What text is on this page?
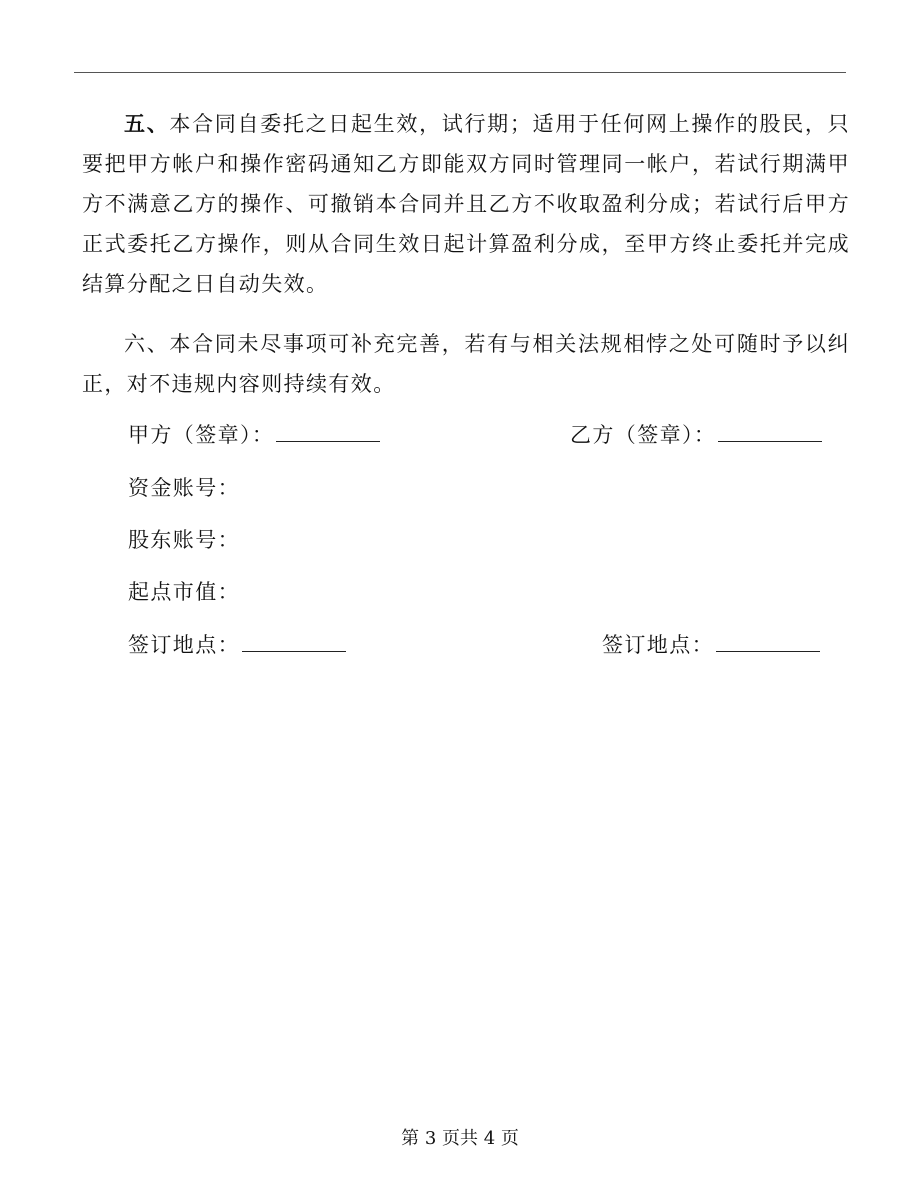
五、本合同自委托之日起生效，试行期；适用于任何网上操作的股民，只要把甲方帐户和操作密码通知乙方即能双方同时管理同一帐户，若试行期满甲方不满意乙方的操作、可撤销本合同并且乙方不收取盈利分成；若试行后甲方正式委托乙方操作，则从合同生效日起计算盈利分成，至甲方终止委托并完成结算分配之日自动失效。

六、本合同未尽事项可补充完善，若有与相关法规相悖之处可随时予以纠正，对不违规内容则持续有效。

甲方（签章）：	乙方（签章）：
资金账号：
股东账号：
起点市值：
签订地点：	签订地点：
第 3 页共 4 页
